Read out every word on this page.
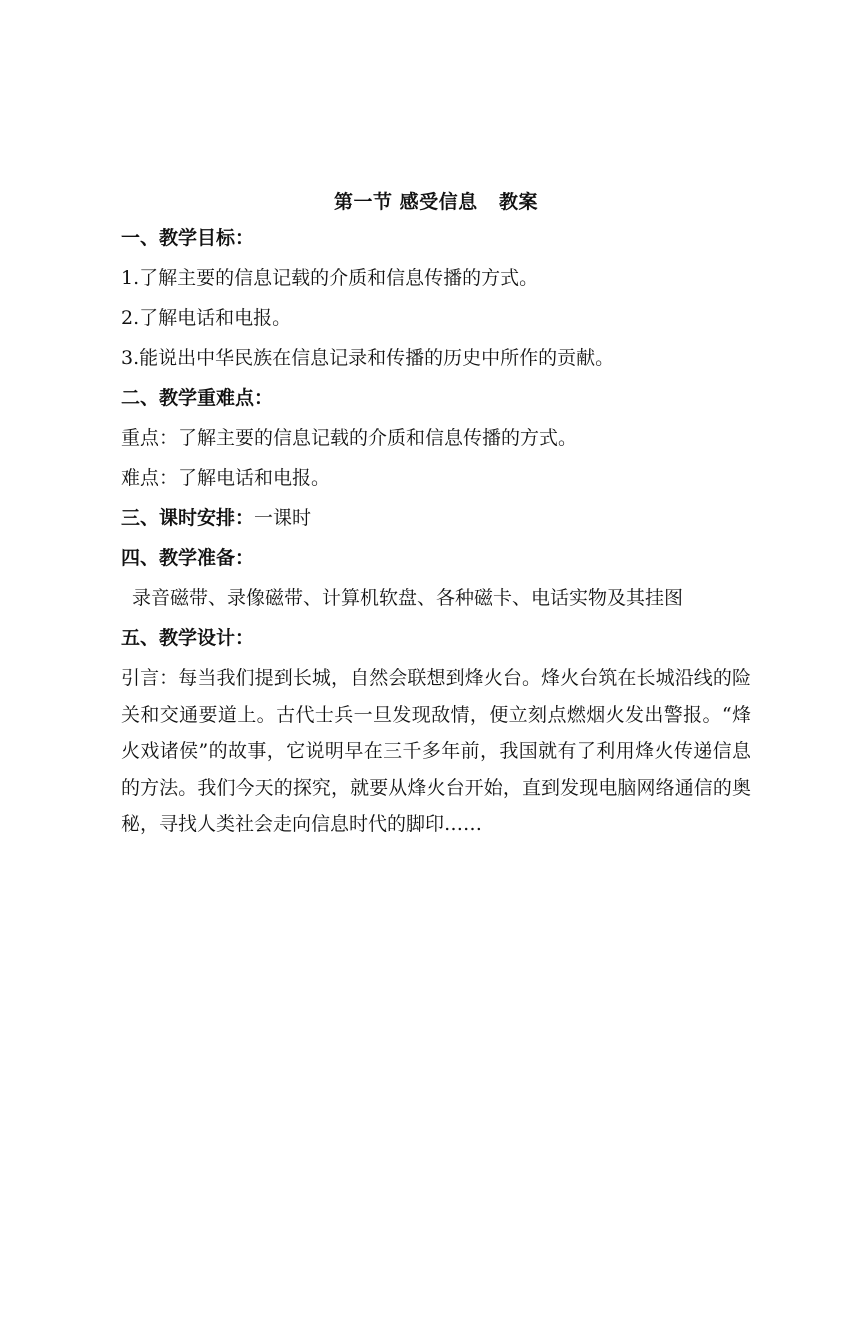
第一节 感受信息   教案
一、教学目标：
1.了解主要的信息记载的介质和信息传播的方式。
2.了解电话和电报。
3.能说出中华民族在信息记录和传播的历史中所作的贡献。
二、教学重难点：
重点：了解主要的信息记载的介质和信息传播的方式。
难点：了解电话和电报。
三、课时安排：一课时
四、教学准备：
录音磁带、录像磁带、计算机软盘、各种磁卡、电话实物及其挂图
五、教学设计：
引言：每当我们提到长城，自然会联想到烽火台。烽火台筑在长城沿线的险关和交通要道上。古代士兵一旦发现敌情，便立刻点燃烟火发出警报。“烽火戏诸侯”的故事，它说明早在三千多年前，我国就有了利用烽火传递信息的方法。我们今天的探究，就要从烽火台开始，直到发现电脑网络通信的奥秘，寻找人类社会走向信息时代的脚印……
